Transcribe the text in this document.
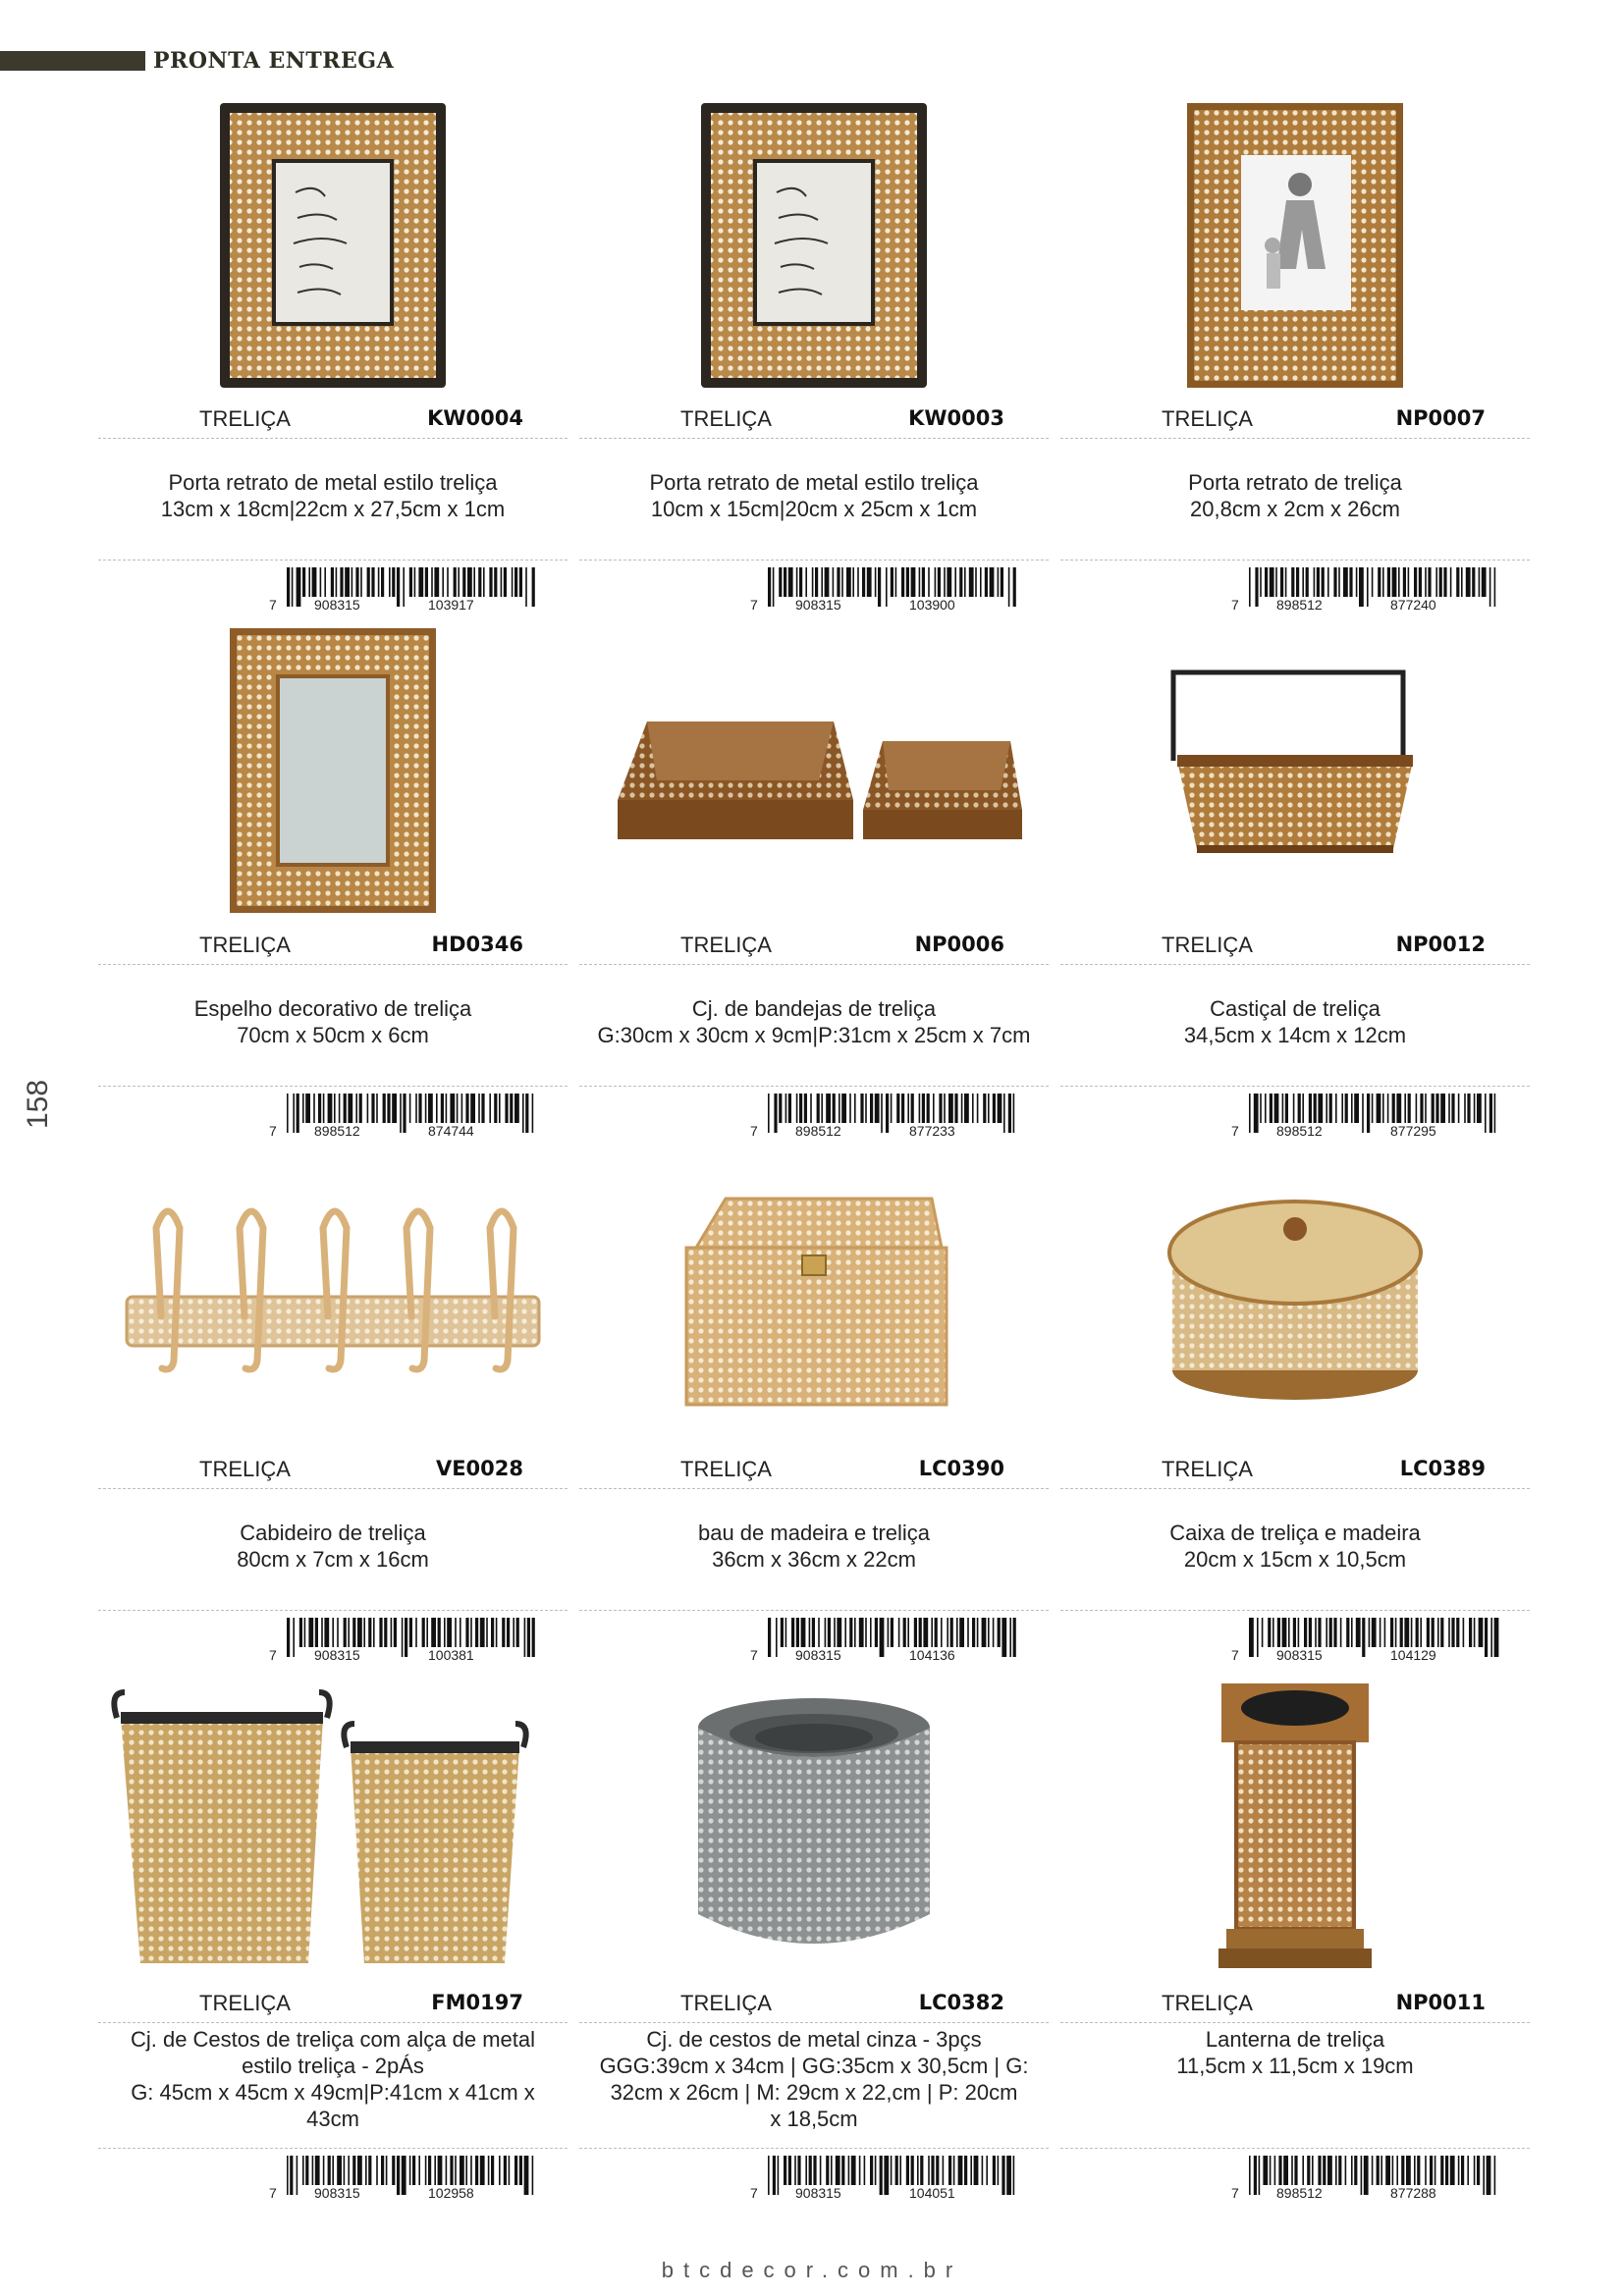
PRONTA ENTREGA
158
TRELIÇA	KW0004
Porta retrato de metal estilo treliça
13cm x 18cm|22cm x 27,5cm x 1cm
7	908315	103917
TRELIÇA	KW0003
Porta retrato de metal estilo treliça
10cm x 15cm|20cm x 25cm x 1cm
7	908315	103900
TRELIÇA	NP0007
Porta retrato de treliça
20,8cm x 2cm x 26cm
7	898512	877240
TRELIÇA	HD0346
Espelho decorativo de treliça
70cm x 50cm x 6cm
7	898512	874744
TRELIÇA	NP0006
Cj. de bandejas de treliça
G:30cm x 30cm x 9cm|P:31cm x 25cm x 7cm
7	898512	877233
TRELIÇA	NP0012
Castiçal de treliça
34,5cm x 14cm x 12cm
7	898512	877295
TRELIÇA	VE0028
Cabideiro de treliça
80cm x 7cm x 16cm
7	908315	100381
TRELIÇA	LC0390
bau de madeira e treliça
36cm x 36cm x 22cm
7	908315	104136
TRELIÇA	LC0389
Caixa de treliça e madeira
20cm x 15cm x 10,5cm
7	908315	104129
TRELIÇA	FM0197
Cj. de Cestos de treliça com alça de metal
estilo treliça - 2pÁs
G: 45cm x 45cm x 49cm|P:41cm x 41cm x
43cm
7	908315	102958
TRELIÇA	LC0382
Cj. de cestos de metal cinza - 3pçs
GGG:39cm x 34cm | GG:35cm x 30,5cm | G:
32cm x 26cm | M: 29cm x 22,cm | P: 20cm
x 18,5cm
7	908315	104051
TRELIÇA	NP0011
Lanterna de treliça
11,5cm x 11,5cm x 19cm
7	898512	877288
btcdecor.com.br
